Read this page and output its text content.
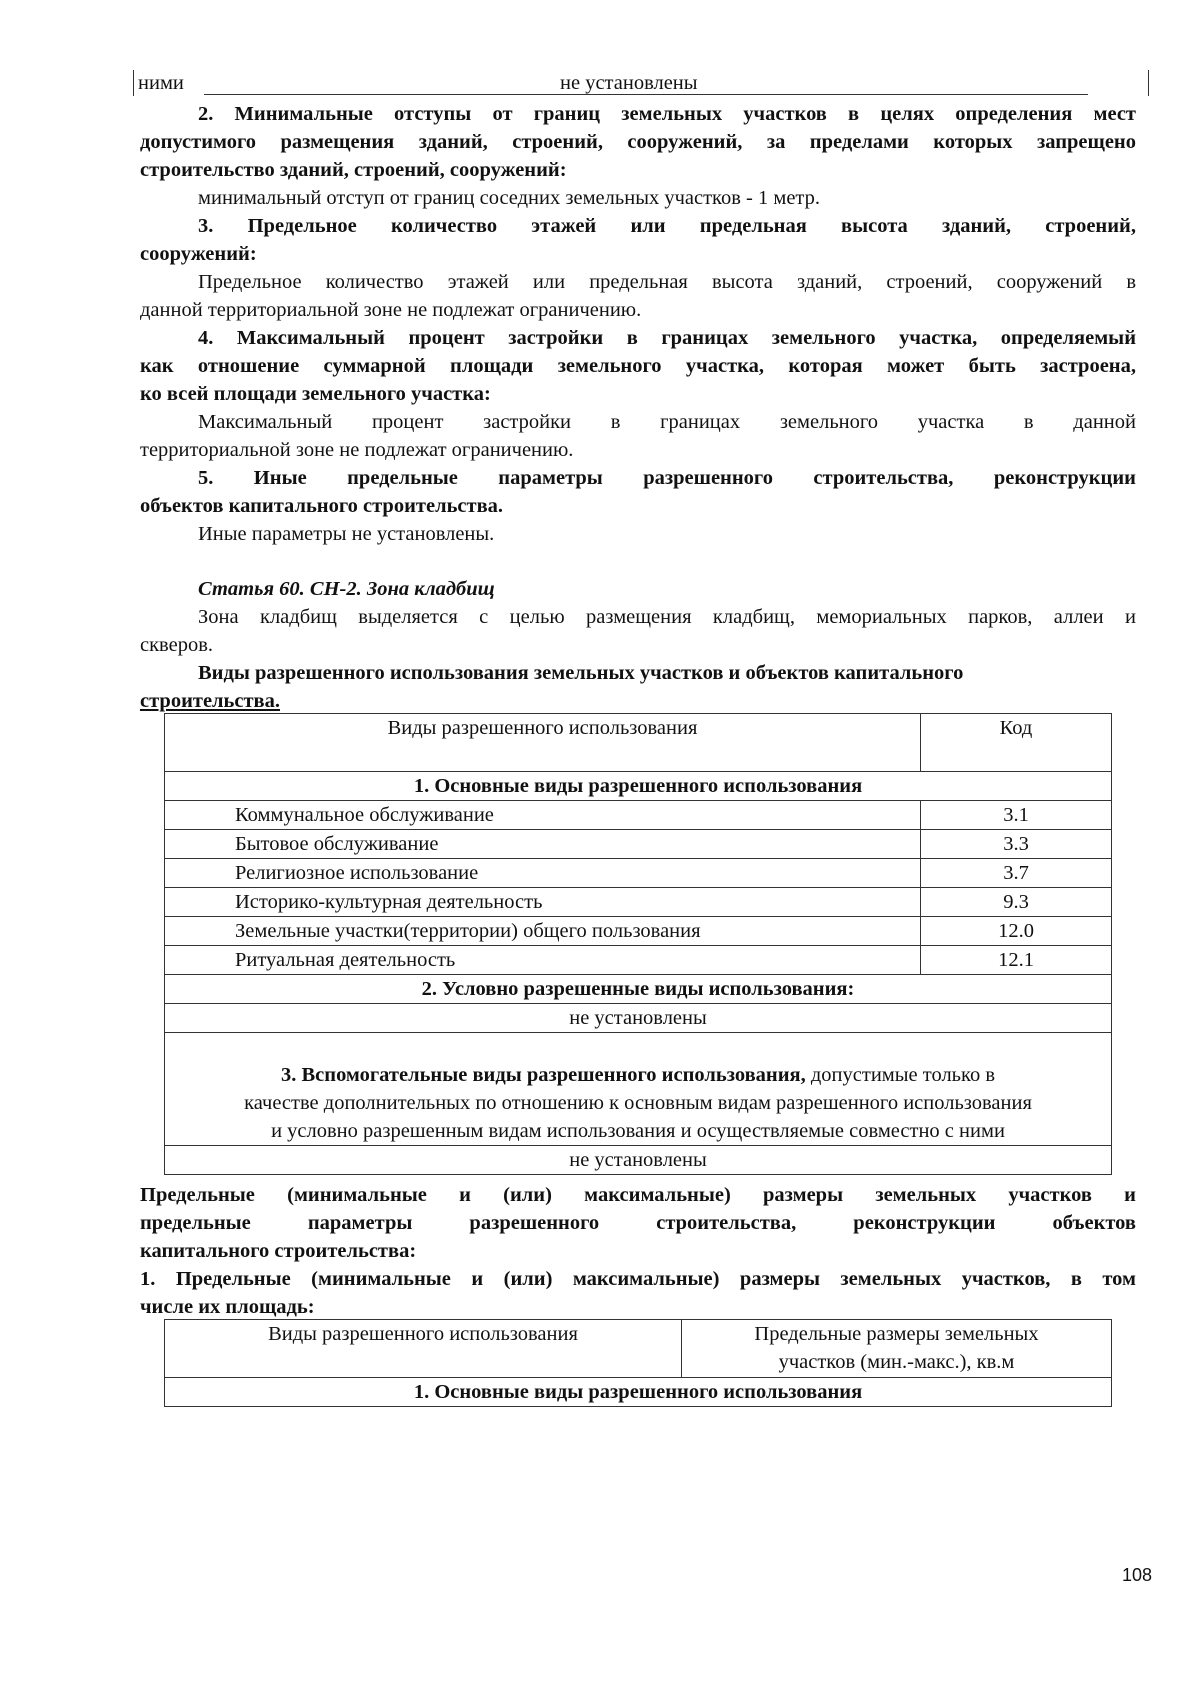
ними	не установлены
2. Минимальные отступы от границ земельных участков в целях определения мест
допустимого размещения зданий, строений, сооружений, за пределами которых запрещено
строительство зданий, строений, сооружений:
минимальный отступ от границ соседних земельных участков - 1 метр.
3. Предельное количество этажей или предельная высота зданий, строений,
сооружений:
Предельное количество этажей или предельная высота зданий, строений, сооружений в
данной территориальной зоне не подлежат ограничению.
4. Максимальный процент застройки в границах земельного участка, определяемый
как отношение суммарной площади земельного участка, которая может быть застроена,
ко всей площади земельного участка:
Максимальный процент застройки в границах земельного участка в данной
территориальной зоне не подлежат ограничению.
5. Иные предельные параметры разрешенного строительства, реконструкции
объектов капитального строительства.
Иные параметры не установлены.
Статья 60. СН-2. Зона кладбищ
Зона кладбищ выделяется с целью размещения кладбищ, мемориальных парков, аллеи и
скверов.
Виды разрешенного использования земельных участков и объектов капитального
строительства.
Виды разрешенного использования	Код
1. Основные виды разрешенного использования	
Коммунальное обслуживание	3.1
Бытовое обслуживание	3.3
Религиозное использование	3.7
Историко-культурная деятельность	9.3
Земельные участки(территории) общего пользования	12.0
Ритуальная деятельность	12.1
2. Условно разрешенные виды использования:	
не установлены	

3. Вспомогательные виды разрешенного использования, допустимые только в
качестве дополнительных по отношению к основным видам разрешенного использования
и условно разрешенным видам использования и осуществляемые совместно с ними	

не установлены	
Предельные (минимальные и (или) максимальные) размеры земельных участков и
предельные параметры разрешенного строительства, реконструкции объектов
капитального строительства:
1. Предельные (минимальные и (или) максимальные) размеры земельных участков, в том
числе их площадь:
Виды разрешенного использования	Предельные размеры земельных
участков (мин.-макс.), кв.м

1. Основные виды разрешенного использования
108
